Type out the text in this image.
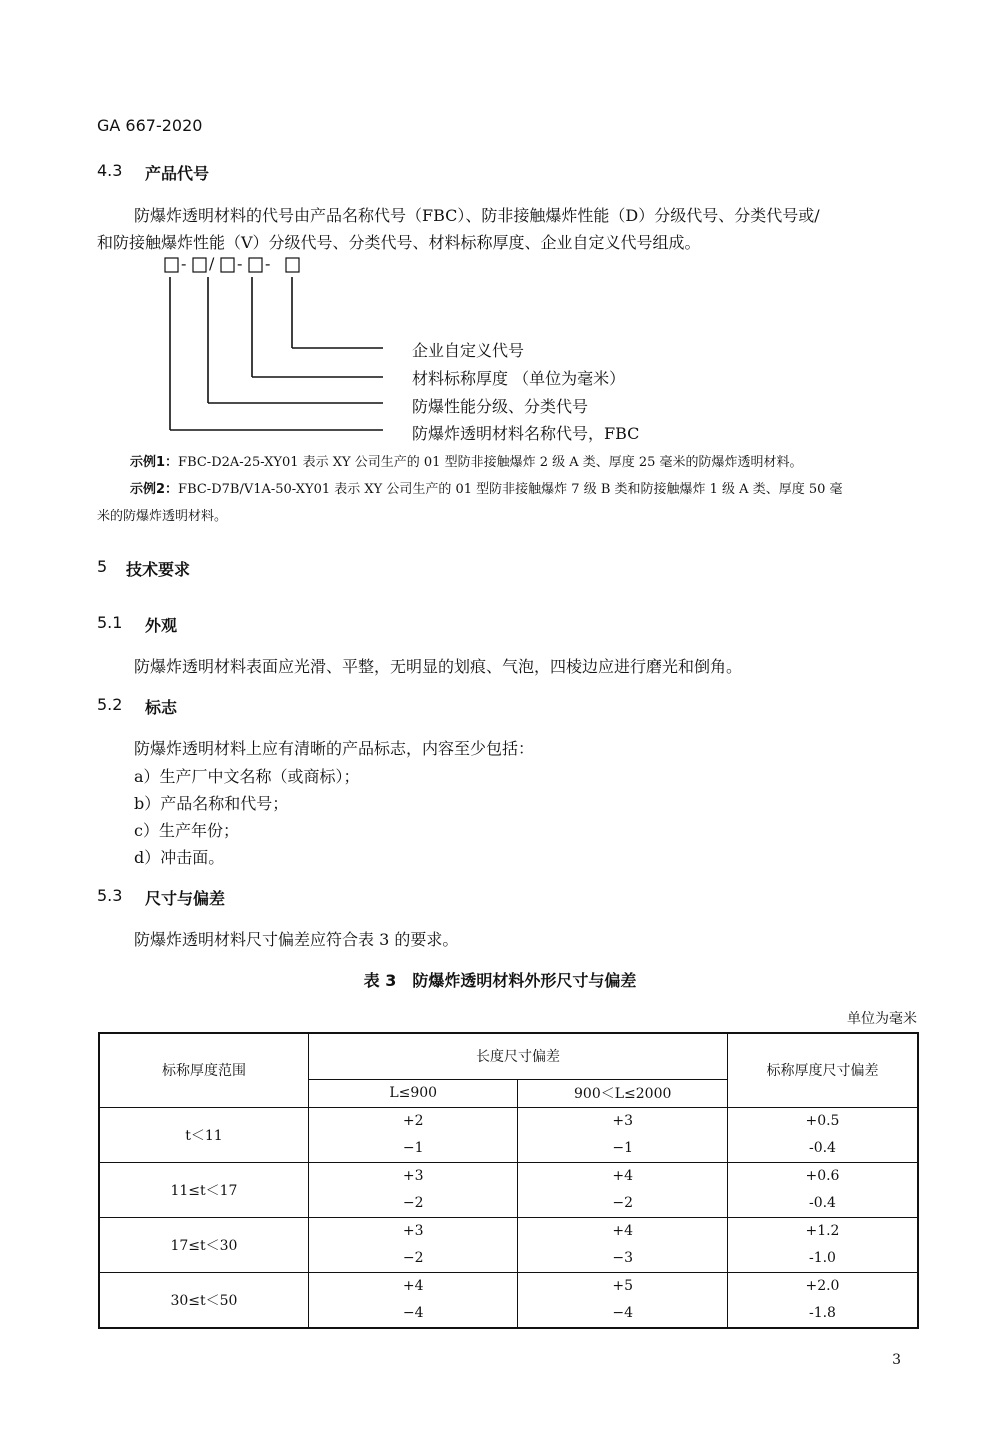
GA 667-2020
4.3 产品代号
防爆炸透明材料的代号由产品名称代号（FBC）、防非接触爆炸性能（D）分级代号、分类代号或/
和防接触爆炸性能（V）分级代号、分类代号、材料标称厚度、企业自定义代号组成。
- / - -
企业自定义代号
材料标称厚度 （单位为毫米）
防爆性能分级、分类代号
防爆炸透明材料名称代号，FBC
示例1：FBC-D2A-25-XY01 表示 XY 公司生产的 01 型防非接触爆炸 2 级 A 类、厚度 25 毫米的防爆炸透明材料。
示例2：FBC-D7B/V1A-50-XY01 表示 XY 公司生产的 01 型防非接触爆炸 7 级 B 类和防接触爆炸 1 级 A 类、厚度 50 毫
米的防爆炸透明材料。
5 技术要求
5.1 外观
防爆炸透明材料表面应光滑、平整，无明显的划痕、气泡，四棱边应进行磨光和倒角。
5.2 标志
防爆炸透明材料上应有清晰的产品标志，内容至少包括：
a）生产厂中文名称（或商标）；
b）产品名称和代号；
c）生产年份；
d）冲击面。
5.3 尺寸与偏差
防爆炸透明材料尺寸偏差应符合表 3 的要求。
表 3　防爆炸透明材料外形尺寸与偏差
单位为毫米
标称厚度范围	长度尺寸偏差		标称厚度尺寸偏差
	L≤900	900＜L≤2000	
t＜11	+2	+3	+0.5
	−1	−1	-0.4
11≤t＜17	+3	+4	+0.6
	−2	−2	-0.4
17≤t＜30	+3	+4	+1.2
	−2	−3	-1.0
30≤t＜50	+4	+5	+2.0
	−4	−4	-1.8
3
